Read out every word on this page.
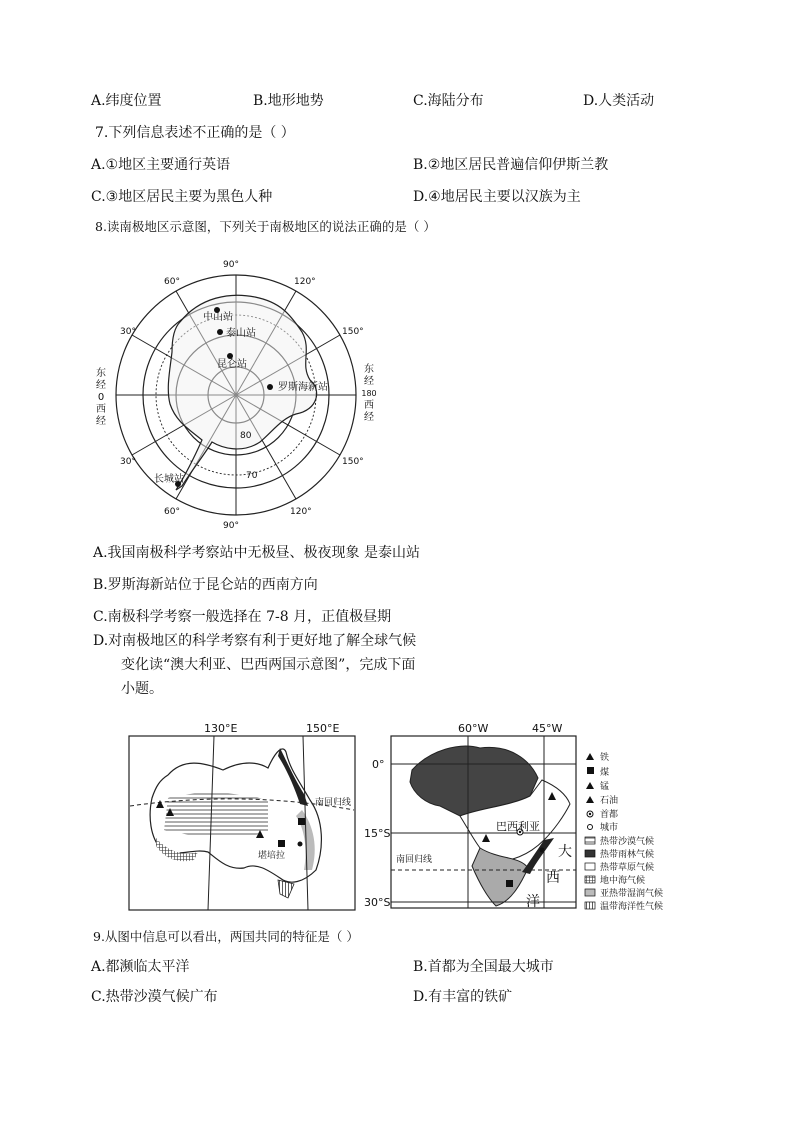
A.纬度位置	B.地形地势	C.海陆分布	D.人类活动
7.下列信息表述不正确的是（ ）
A.①地区主要通行英语	B.②地区居民普遍信仰伊斯兰教
C.③地区居民主要为黑色人种	D.④地居民主要以汉族为主
8.读南极地区示意图，下列关于南极地区的说法正确的是（ ）
90°
60°	120°
30°	150°
30°	150°
60°
90°
120°
80
70
东
经
0
西
经
东
经
180
西
经
中山站
泰山站
昆仑站
罗斯海新站
长城站
A.我国南极科学考察站中无极昼、极夜现象 是泰山站
B.罗斯海新站位于昆仑站的西南方向
C.南极科学考察一般选择在 7-8 月，正值极昼期
D.对南极地区的科学考察有利于更好地了解全球气候
变化读“澳大利亚、巴西两国示意图”，完成下面
小题。
130°E	150°E
南回归线
堪培拉
60°W	45°W
0°
15°S
30°S
南回归线
巴西利亚
大
西
洋
铁
煤
锰
石油
首都
城市
热带沙漠气候
热带雨林气候
热带草原气候
地中海气候
亚热带湿润气候
温带海洋性气候
9.从图中信息可以看出，两国共同的特征是（ ）
A.都濒临太平洋	B.首都为全国最大城市
C.热带沙漠气候广布	D.有丰富的铁矿
